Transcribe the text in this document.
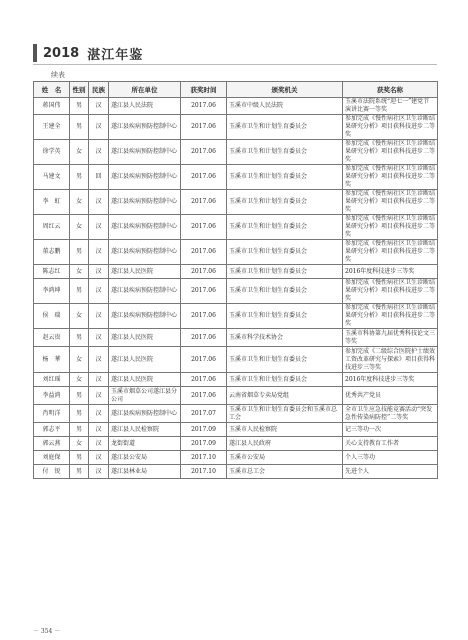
2018 湛江年鉴
续表
姓　名	性别	民族	所在单位	获奖时间	颁奖机关	获奖名称
蒋国伟	男	汉	遂江县人民法院	2017.06	玉溪市中级人民法院	玉溪市法院系统“迎七一”建党节演讲比赛一等奖
王建全	男	汉	遂江县疾病预防控制中心	2017.06	玉溪市卫生和计划生育委员会	参加完成《慢性病社区卫生诊断结果研究分析》项目获科技进步二等奖
徐学英	女	汉	遂江县疾病预防控制中心	2017.06	玉溪市卫生和计划生育委员会	参加完成《慢性病社区卫生诊断结果研究分析》项目获科技进步二等奖
马建文	男	回	遂江县疾病预防控制中心	2017.06	玉溪市卫生和计划生育委员会	参加完成《慢性病社区卫生诊断结果研究分析》项目获科技进步二等奖
李　虹	女	汉	遂江县疾病预防控制中心	2017.06	玉溪市卫生和计划生育委员会	参加完成《慢性病社区卫生诊断结果研究分析》项目获科技进步二等奖
周红云	女	汉	遂江县疾病预防控制中心	2017.06	玉溪市卫生和计划生育委员会	参加完成《慢性病社区卫生诊断结果研究分析》项目获科技进步二等奖
董志鹏	男	汉	遂江县疾病预防控制中心	2017.06	玉溪市卫生和计划生育委员会	参加完成《慢性病社区卫生诊断结果研究分析》项目获科技进步二等奖
陈志红	女	汉	遂江县人民医院	2017.06	玉溪市卫生和计划生育委员会	2016年度科技进步三等奖
李鸿坤	男	汉	遂江县疾病预防控制中心	2017.06	玉溪市卫生和计划生育委员会	参加完成《慢性病社区卫生诊断结果研究分析》项目获科技进步二等奖
侯　瑞	女	汉	遂江县疾病预防控制中心	2017.06	玉溪市卫生和计划生育委员会	参加完成《慢性病社区卫生诊断结果研究分析》项目获科技进步二等奖
赵云贵	男	汉	遂江县人民医院	2017.06	玉溪市科学技术协会	玉溪市科协第九届优秀科技论文三等奖
杨　華	女	汉	遂江县人民医院	2017.06	玉溪市卫生和计划生育委员会	参加完成《二级综合医院护士绩效工资改革研究与探索》项目获得科技进步三等奖
刘红瑶	女	汉	遂江县人民医院	2017.06	玉溪市卫生和计划生育委员会	2016年度科技进步三等奖
李益鸿	男	汉	玉溪市烟草公司遂江县分公司	2017.06	云南省烟草专卖局党组	优秀共产党员
肖明洋	男	汉	遂江县疾病预防控制中心	2017.07	玉溪市卫生和计划生育委员会和玉溪市总工会	全市卫生应急技能竞赛活动“突发急性传染病防控”二等奖
郭志平	男	汉	遂江县人民检察院	2017.09	玉溪市人民检察院	记三等功一次
郭云燕	女	汉	龙街街道	2017.09	遂江县人民政府	关心支持教育工作者
刘庭保	男	汉	遂江县公安局	2017.10	玉溪市公安局	个人三等功
付　锐	男	汉	遂江县林业局	2017.10	玉溪市总工会	先进个人
－ 354 －
